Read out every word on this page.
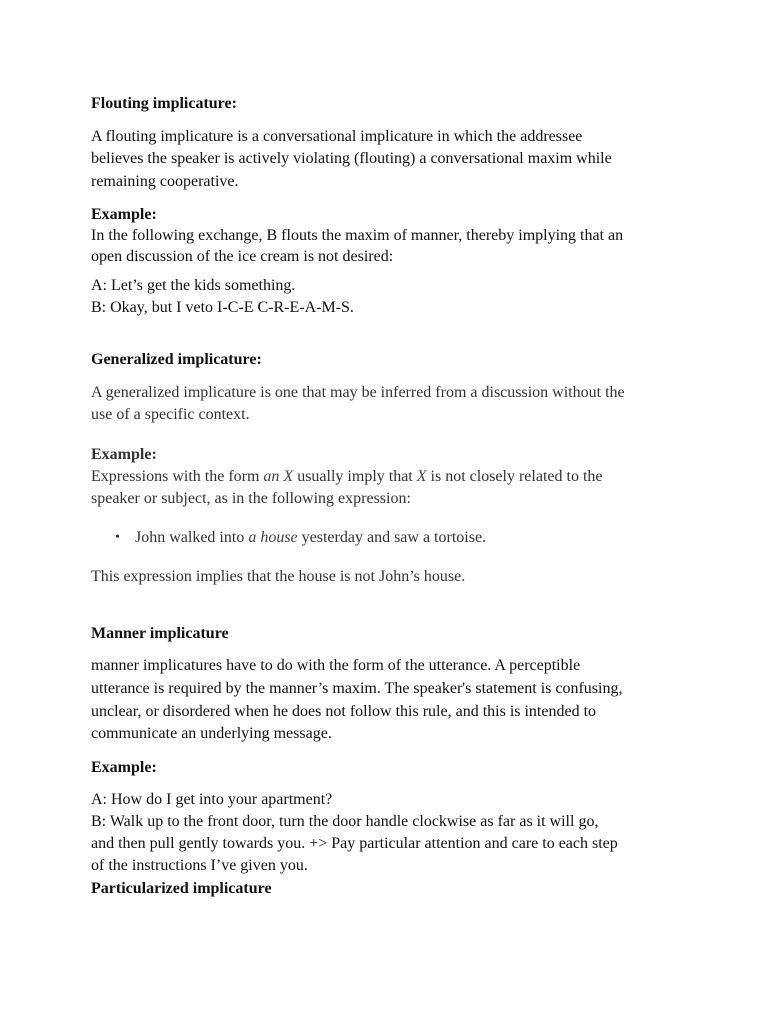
Flouting implicature:
A flouting implicature is a conversational implicature in which the addressee
believes the speaker is actively violating (flouting) a conversational maxim while
remaining cooperative.
Example:
In the following exchange, B flouts the maxim of manner, thereby implying that an
open discussion of the ice cream is not desired:
A: Let’s get the kids something.
B: Okay, but I veto I-C-E C-R-E-A-M-S.
Generalized implicature:
A generalized implicature is one that may be inferred from a discussion without the
use of a specific context.
Example:
Expressions with the form an X usually imply that X is not closely related to the
speaker or subject, as in the following expression:
• John walked into a house yesterday and saw a tortoise.
This expression implies that the house is not John’s house.
Manner implicature
manner implicatures have to do with the form of the utterance. A perceptible
utterance is required by the manner’s maxim. The speaker's statement is confusing,
unclear, or disordered when he does not follow this rule, and this is intended to
communicate an underlying message.
Example:
A: How do I get into your apartment?
B: Walk up to the front door, turn the door handle clockwise as far as it will go,
and then pull gently towards you. +> Pay particular attention and care to each step
of the instructions I’ve given you.
Particularized implicature
